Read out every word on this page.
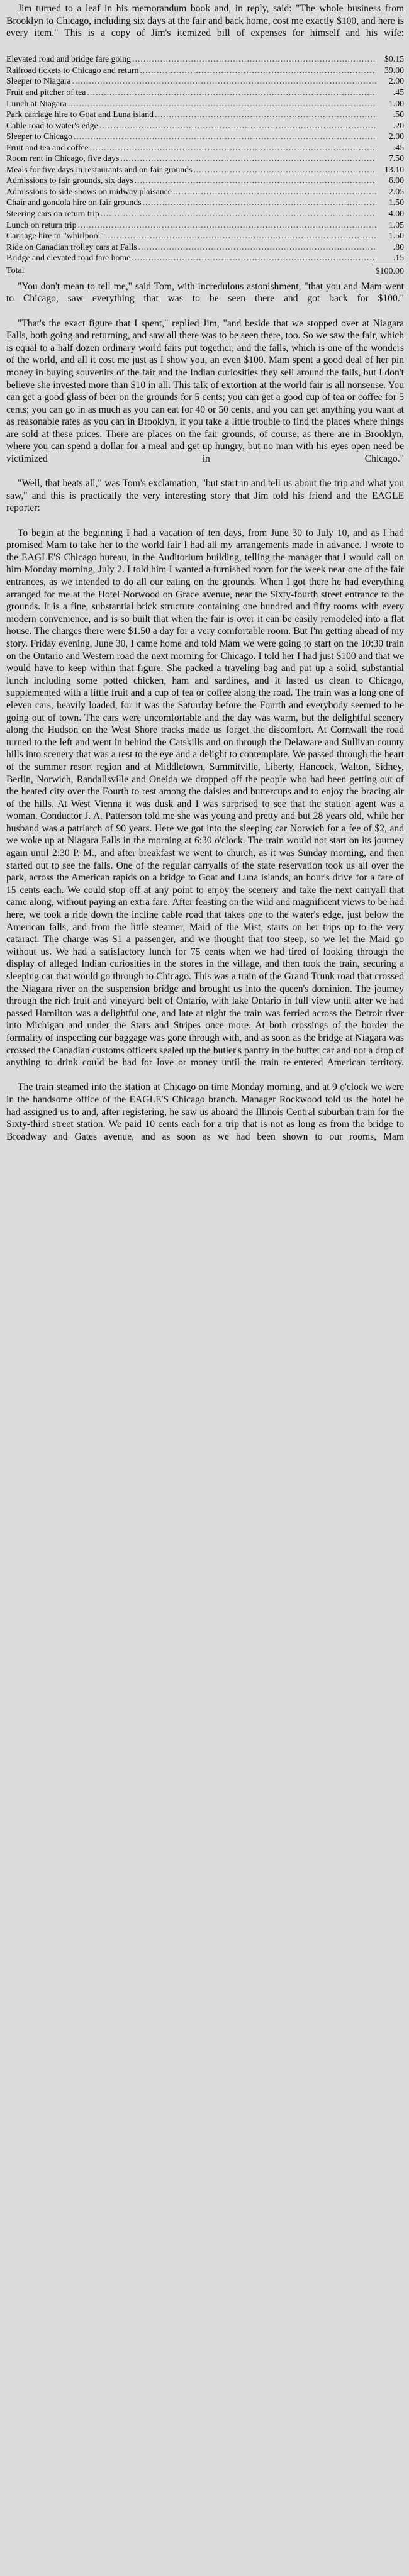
Jim turned to a leaf in his memorandum book and, in reply, said: "The whole business from Brooklyn to Chicago, including six days at the fair and back home, cost me exactly $100, and here is every item." This is a copy of Jim's itemized bill of expenses for himself and his wife:

Elevated road and bridge fare going .....	$0.15
Railroad tickets to Chicago and return .....	39.00
Sleeper to Niagara .....	2.00
Fruit and pitcher of tea .....	.45
Lunch at Niagara .....	1.00
Park carriage hire to Goat and Luna island .....	.50
Cable road to water's edge .....	.20
Sleeper to Chicago .....	2.00
Fruit and tea and coffee .....	.45
Room rent in Chicago, five days .....	7.50
Meals for five days in restaurants and on fair grounds .....	13.10
Admissions to fair grounds, six days .....	6.00
Admissions to side shows on midway plaisance .....	2.05
Chair and gondola hire on fair grounds .....	1.50
Steering cars on return trip .....	4.00
Lunch on return trip .....	1.05
Carriage hire to "whirlpool" .....	1.50
Ride on Canadian trolley cars at Falls .....	.80
Bridge and elevated road fare home .....	.15
Total	$100.00

"You don't mean to tell me," said Tom, with incredulous astonishment, "that you and Mam went to Chicago, saw everything that was to be seen there and got back for $100."

"That's the exact figure that I spent," replied Jim, "and beside that we stopped over at Niagara Falls, both going and returning, and saw all there was to be seen there, too. So we saw the fair, which is equal to a half dozen ordinary world fairs put together, and the falls, which is one of the wonders of the world, and all it cost me just as I show you, an even $100. Mam spent a good deal of her pin money in buying souvenirs of the fair and the Indian curiosities they sell around the falls, but I don't believe she invested more than $10 in all. This talk of extortion at the world fair is all nonsense. You can get a good glass of beer on the grounds for 5 cents; you can get a good cup of tea or coffee for 5 cents; you can go in as much as you can eat for 40 or 50 cents, and you can get anything you want at as reasonable rates as you can in Brooklyn, if you take a little trouble to find the places where things are sold at these prices. There are places on the fair grounds, of course, as there are in Brooklyn, where you can spend a dollar for a meal and get up hungry, but no man with his eyes open need be victimized in Chicago."

"Well, that beats all," was Tom's exclamation, "but start in and tell us about the trip and what you saw," and this is practically the very interesting story that Jim told his friend and the EAGLE reporter:

To begin at the beginning I had a vacation of ten days, from June 30 to July 10, and as I had promised Mam to take her to the world fair I had all my arrangements made in advance. I wrote to the EAGLE'S Chicago bureau, in the Auditorium building, telling the manager that I would call on him Monday morning, July 2. I told him I wanted a furnished room for the week near one of the fair entrances, as we intended to do all our eating on the grounds. When I got there he had everything arranged for me at the Hotel Norwood on Grace avenue, near the Sixty-fourth street entrance to the grounds. It is a fine, substantial brick structure containing one hundred and fifty rooms with every modern convenience, and is so built that when the fair is over it can be easily remodeled into a flat house. The charges there were $1.50 a day for a very comfortable room. But I'm getting ahead of my story. Friday evening, June 30, I came home and told Mam we were going to start on the 10:30 train on the Ontario and Western road the next morning for Chicago. I told her I had just $100 and that we would have to keep within that figure. She packed a traveling bag and put up a solid, substantial lunch including some potted chicken, ham and sardines, and it lasted us clean to Chicago, supplemented with a little fruit and a cup of tea or coffee along the road. The train was a long one of eleven cars, heavily loaded, for it was the Saturday before the Fourth and everybody seemed to be going out of town. The cars were uncomfortable and the day was warm, but the delightful scenery along the Hudson on the West Shore tracks made us forget the discomfort. At Cornwall the road turned to the left and went in behind the Catskills and on through the Delaware and Sullivan county hills into scenery that was a rest to the eye and a delight to contemplate. We passed through the heart of the summer resort region and at Middletown, Summitville, Liberty, Hancock, Walton, Sidney, Berlin, Norwich, Randallsville and Oneida we dropped off the people who had been getting out of the heated city over the Fourth to rest among the daisies and buttercups and to enjoy the bracing air of the hills. At West Vienna it was dusk and I was surprised to see that the station agent was a woman. Conductor J. A. Patterson told me she was young and pretty and but 28 years old, while her husband was a patriarch of 90 years. Here we got into the sleeping car Norwich for a fee of $2, and we woke up at Niagara Falls in the morning at 6:30 o'clock. The train would not start on its journey again until 2:30 P. M., and after breakfast we went to church, as it was Sunday morning, and then started out to see the falls. One of the regular carryalls of the state reservation took us all over the park, across the American rapids on a bridge to Goat and Luna islands, an hour's drive for a fare of 15 cents each. We could stop off at any point to enjoy the scenery and take the next carryall that came along, without paying an extra fare. After feasting on the wild and magnificent views to be had here, we took a ride down the incline cable road that takes one to the water's edge, just below the American falls, and from the little steamer, Maid of the Mist, starts on her trips up to the very cataract. The charge was $1 a passenger, and we thought that too steep, so we let the Maid go without us. We had a satisfactory lunch for 75 cents when we had tired of looking through the display of alleged Indian curiosities in the stores in the village, and then took the train, securing a sleeping car that would go through to Chicago. This was a train of the Grand Trunk road that crossed the Niagara river on the suspension bridge and brought us into the queen's dominion. The journey through the rich fruit and vineyard belt of Ontario, with lake Ontario in full view until after we had passed Hamilton was a delightful one, and late at night the train was ferried across the Detroit river into Michigan and under the Stars and Stripes once more. At both crossings of the border the formality of inspecting our baggage was gone through with, and as soon as the bridge at Niagara was crossed the Canadian customs officers sealed up the butler's pantry in the buffet car and not a drop of anything to drink could be had for love or money until the train re-entered American territory.

The train steamed into the station at Chicago on time Monday morning, and at 9 o'clock we were in the handsome office of the EAGLE'S Chicago branch. Manager Rockwood told us the hotel he had assigned us to and, after registering, he saw us aboard the Illinois Central suburban train for the Sixty-third street station. We paid 10 cents each for a trip that is not as long as from the bridge to Broadway and Gates avenue, and as soon as we had been shown to our rooms, Mam
